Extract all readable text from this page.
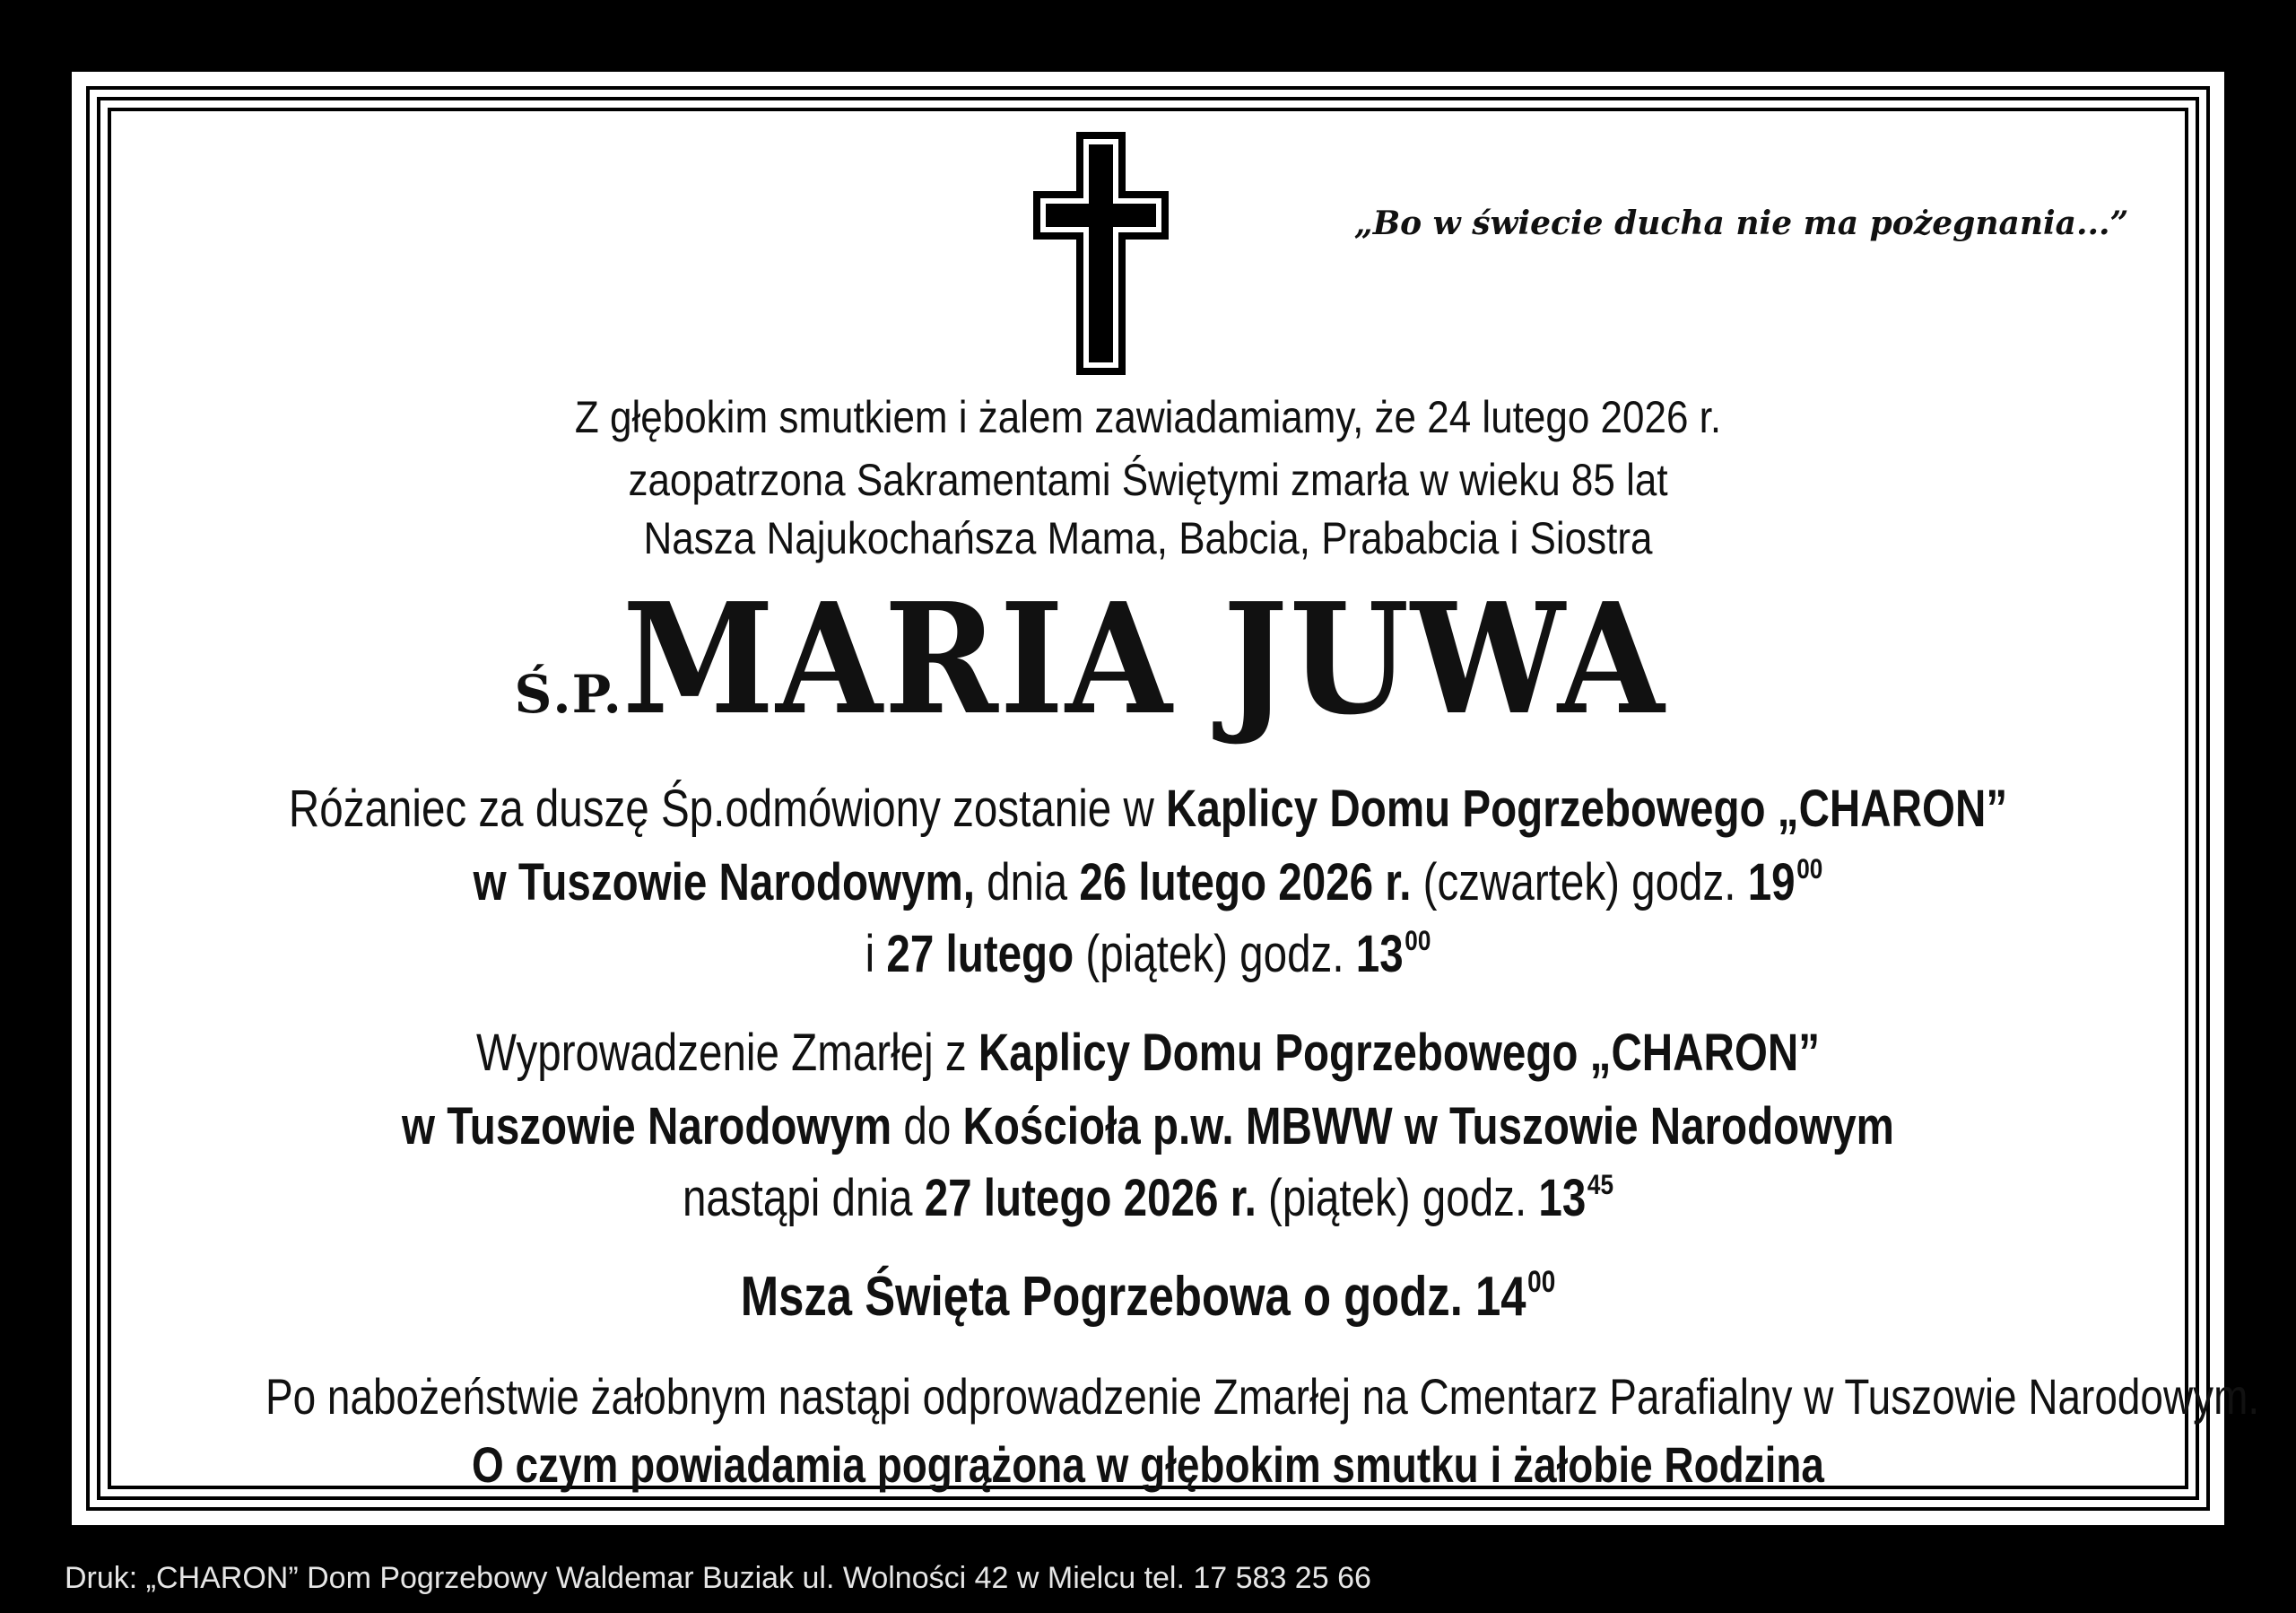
„Bo w świecie ducha nie ma pożegnania...”
Z głębokim smutkiem i żalem zawiadamiamy, że 24 lutego 2026 r.
zaopatrzona Sakramentami Świętymi zmarła w wieku 85 lat
Nasza Najukochańsza Mama, Babcia, Prababcia i Siostra
Ś.P.MARIA JUWA
Różaniec za duszę Śp.odmówiony zostanie w Kaplicy Domu Pogrzebowego „CHARON”
w Tuszowie Narodowym, dnia 26 lutego 2026 r. (czwartek) godz. $19^{00}$
i 27 lutego (piątek) godz. $13^{00}$
Wyprowadzenie Zmarłej z Kaplicy Domu Pogrzebowego „CHARON”
w Tuszowie Narodowym do Kościoła p.w. MBWW w Tuszowie Narodowym
nastąpi dnia 27 lutego 2026 r. (piątek) godz. $13^{45}$
Msza Święta Pogrzebowa o godz. $14^{00}$
Po nabożeństwie żałobnym nastąpi odprowadzenie Zmarłej na Cmentarz Parafialny w Tuszowie Narodowym.
O czym powiadamia pogrążona w głębokim smutku i żałobie Rodzina
Druk: „CHARON” Dom Pogrzebowy Waldemar Buziak ul. Wolności 42 w Mielcu tel. 17 583 25 66
